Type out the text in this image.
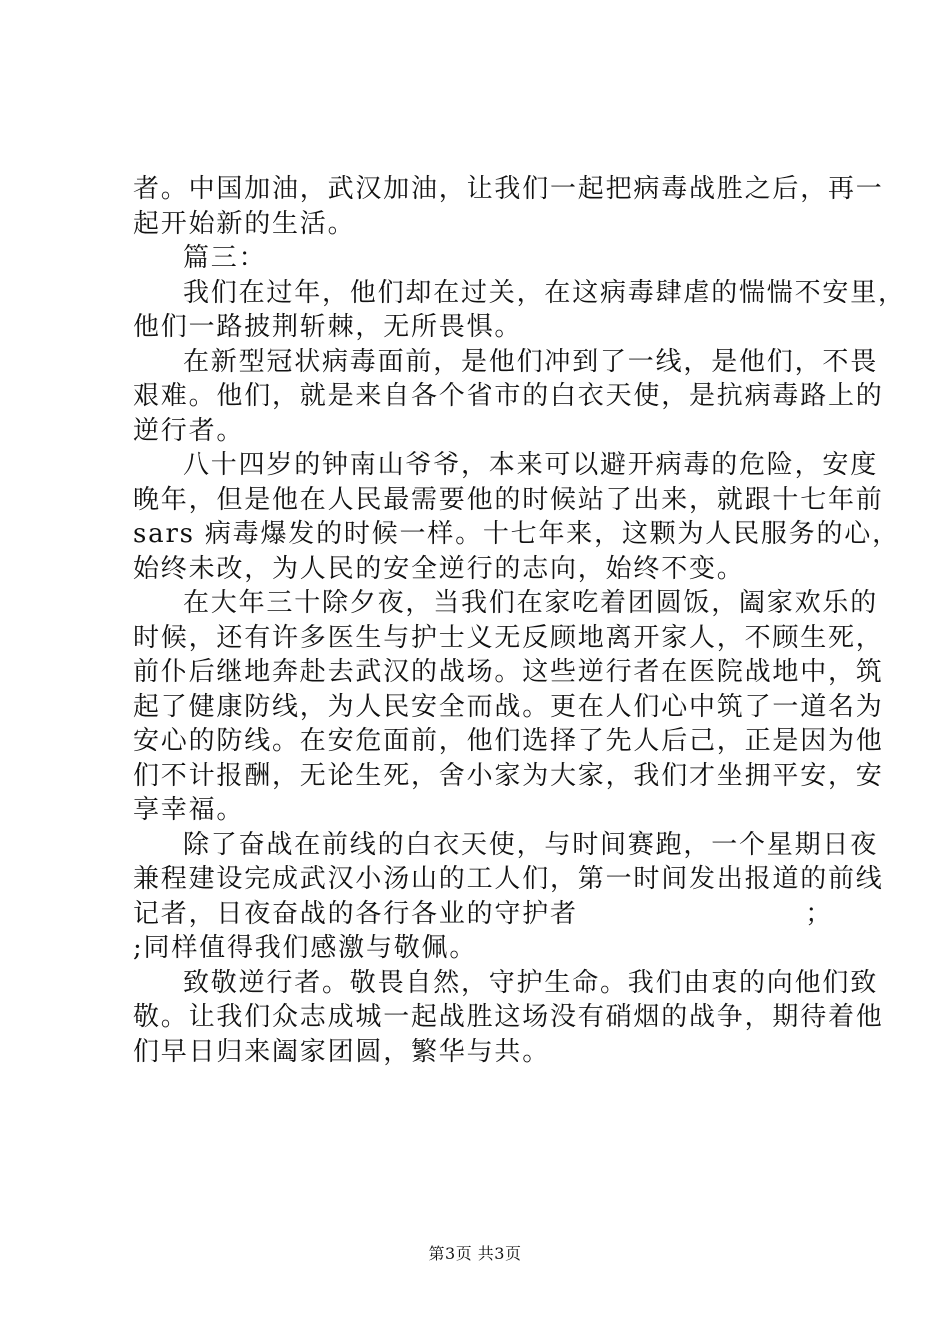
者。中国加油，武汉加油，让我们一起把病毒战胜之后，再一
起开始新的生活。
篇三：
我们在过年，他们却在过关，在这病毒肆虐的惴惴不安里，
他们一路披荆斩棘，无所畏惧。
在新型冠状病毒面前，是他们冲到了一线，是他们，不畏
艰难。他们，就是来自各个省市的白衣天使，是抗病毒路上的
逆行者。
八十四岁的钟南山爷爷，本来可以避开病毒的危险，安度
晚年，但是他在人民最需要他的时候站了出来，就跟十七年前
sars 病毒爆发的时候一样。十七年来，这颗为人民服务的心，
始终未改，为人民的安全逆行的志向，始终不变。
在大年三十除夕夜，当我们在家吃着团圆饭，阖家欢乐的
时候，还有许多医生与护士义无反顾地离开家人，不顾生死，
前仆后继地奔赴去武汉的战场。这些逆行者在医院战地中，筑
起了健康防线，为人民安全而战。更在人们心中筑了一道名为
安心的防线。在安危面前，他们选择了先人后己，正是因为他
们不计报酬，无论生死，舍小家为大家，我们才坐拥平安，安
享幸福。
除了奋战在前线的白衣天使，与时间赛跑，一个星期日夜
兼程建设完成武汉小汤山的工人们，第一时间发出报道的前线
记者，日夜奋战的各行各业的守护者	；
;同样值得我们感激与敬佩。
致敬逆行者。敬畏自然，守护生命。我们由衷的向他们致
敬。让我们众志成城一起战胜这场没有硝烟的战争，期待着他
们早日归来阖家团圆，繁华与共。
第3页 共3页
